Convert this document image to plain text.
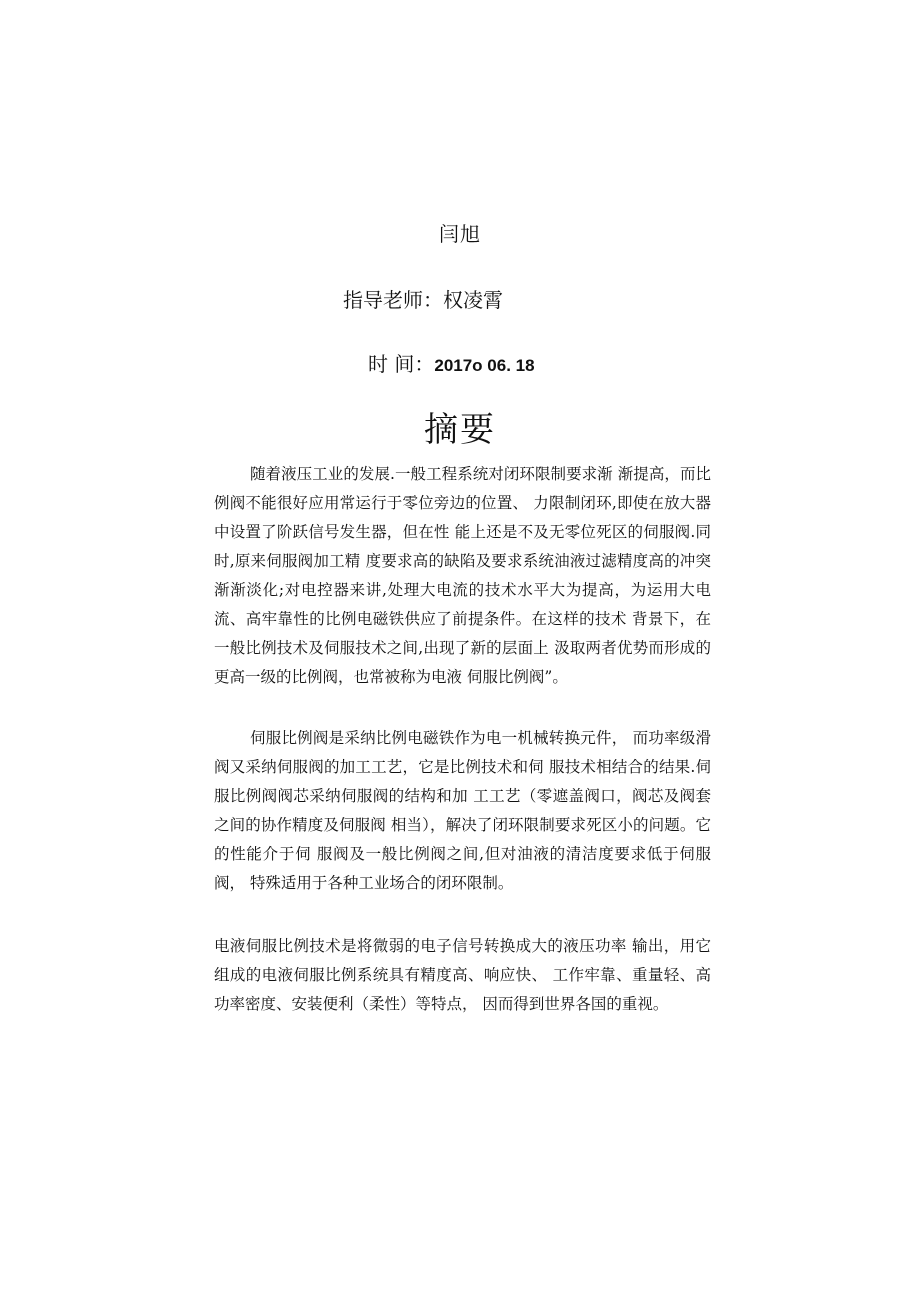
闫旭
指导老师：权凌霄
时 间：2017o 06. 18
摘要

随着液压工业的发展.一般工程系统对闭环限制要求渐 渐提高，而比例阀不能很好应用常运行于零位旁边的位置、 力限制闭环,即使在放大器中设置了阶跃信号发生器，但在性 能上还是不及无零位死区的伺服阀.同时,原来伺服阀加工精 度要求高的缺陷及要求系统油液过滤精度高的冲突渐渐淡化;对电控器来讲,处理大电流的技术水平大为提高，为运用大电 流、高牢靠性的比例电磁铁供应了前提条件。在这样的技术 背景下，在一般比例技术及伺服技术之间,出现了新的层面上 汲取两者优势而形成的更高一级的比例阀，也常被称为电液 伺服比例阀”。

伺服比例阀是采纳比例电磁铁作为电一机械转换元件， 而功率级滑阀又采纳伺服阀的加工工艺，它是比例技术和伺 服技术相结合的结果.伺服比例阀阀芯采纳伺服阀的结构和加 工工艺（零遮盖阀口，阀芯及阀套之间的协作精度及伺服阀 相当），解决了闭环限制要求死区小的问题。它的性能介于伺 服阀及一般比例阀之间,但对油液的清洁度要求低于伺服阀， 特殊适用于各种工业场合的闭环限制。

电液伺服比例技术是将微弱的电子信号转换成大的液压功率 输出，用它组成的电液伺服比例系统具有精度高、响应快、 工作牢靠、重量轻、高功率密度、安装便利（柔性）等特点， 因而得到世界各国的重视。
